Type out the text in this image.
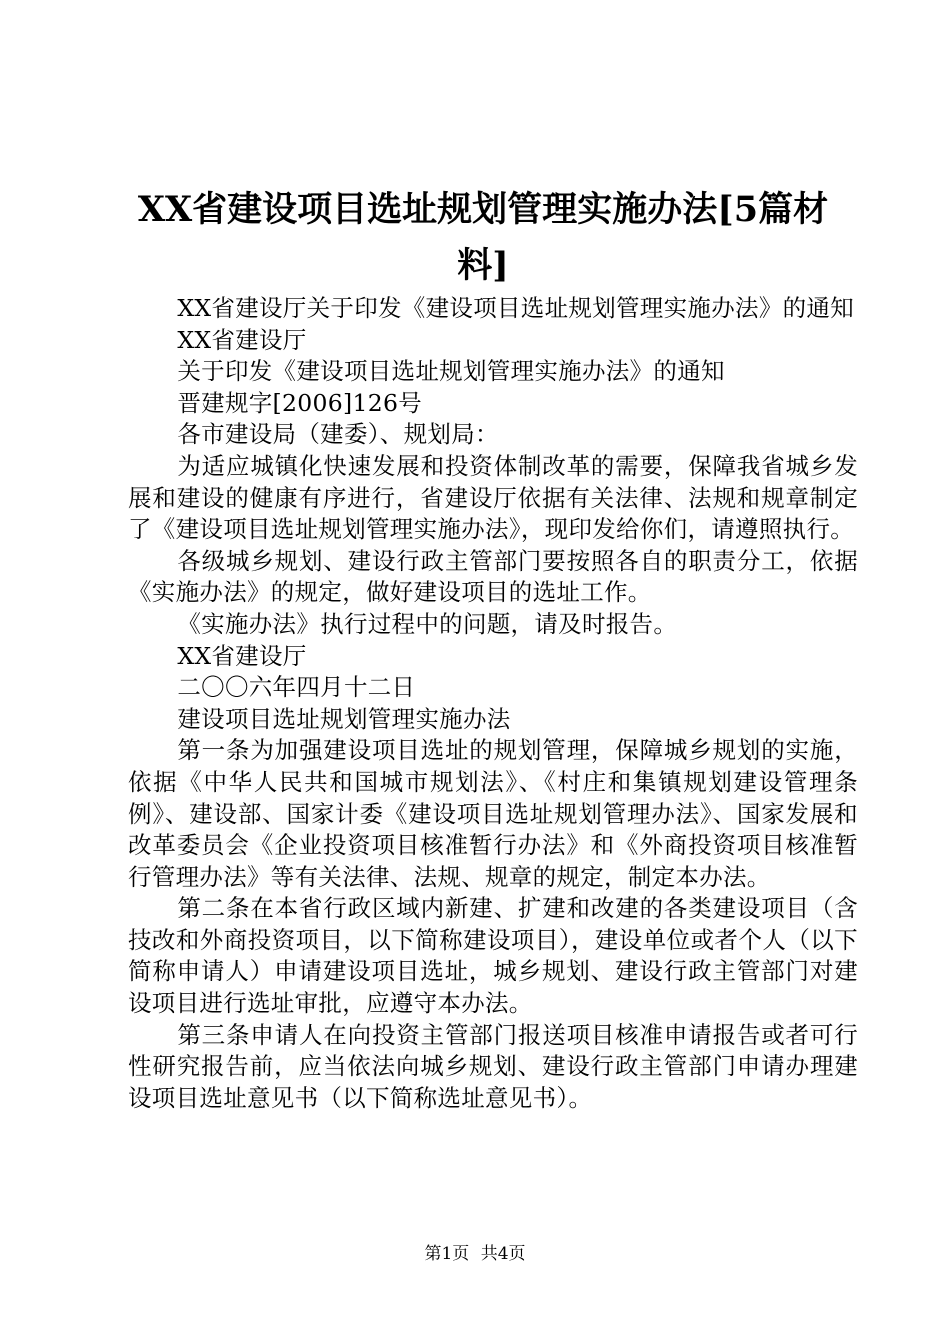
XX省建设项目选址规划管理实施办法[5篇材料]

XX省建设厅关于印发《建设项目选址规划管理实施办法》的通知

XX省建设厅

关于印发《建设项目选址规划管理实施办法》的通知

晋建规字[2006]126号

各市建设局（建委）、规划局：

为适应城镇化快速发展和投资体制改革的需要，保障我省城乡发展和建设的健康有序进行，省建设厅依据有关法律、法规和规章制定了《建设项目选址规划管理实施办法》，现印发给你们，请遵照执行。

各级城乡规划、建设行政主管部门要按照各自的职责分工，依据《实施办法》的规定，做好建设项目的选址工作。

《实施办法》执行过程中的问题，请及时报告。

XX省建设厅

二〇〇六年四月十二日

建设项目选址规划管理实施办法

第一条为加强建设项目选址的规划管理，保障城乡规划的实施，依据《中华人民共和国城市规划法》、《村庄和集镇规划建设管理条例》、建设部、国家计委《建设项目选址规划管理办法》、国家发展和改革委员会《企业投资项目核准暂行办法》和《外商投资项目核准暂行管理办法》等有关法律、法规、规章的规定，制定本办法。

第二条在本省行政区域内新建、扩建和改建的各类建设项目（含技改和外商投资项目，以下简称建设项目），建设单位或者个人（以下简称申请人）申请建设项目选址，城乡规划、建设行政主管部门对建设项目进行选址审批，应遵守本办法。

第三条申请人在向投资主管部门报送项目核准申请报告或者可行性研究报告前，应当依法向城乡规划、建设行政主管部门申请办理建设项目选址意见书（以下简称选址意见书）。

第1页 共4页
